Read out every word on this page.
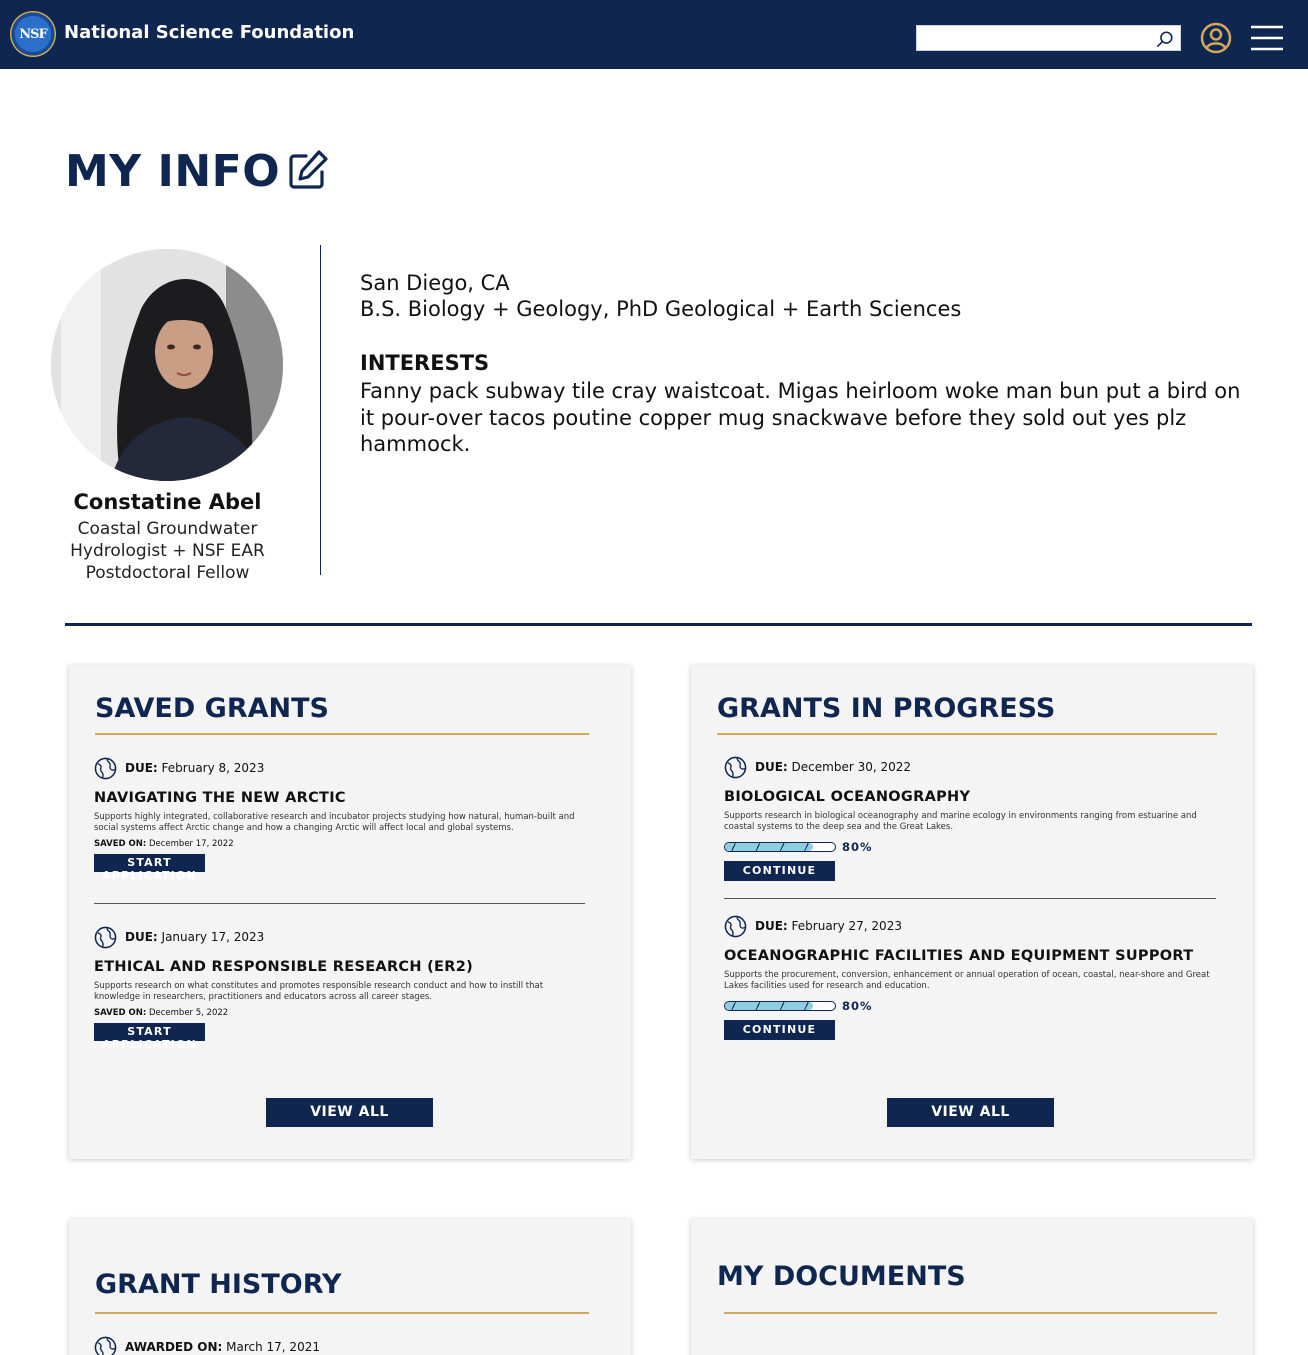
NSF National Science Foundation
MY INFO
Constatine Abel
Coastal Groundwater Hydrologist + NSF EAR Postdoctoral Fellow
San Diego, CA
B.S. Biology + Geology, PhD Geological + Earth Sciences
INTERESTS
Fanny pack subway tile cray waistcoat. Migas heirloom woke man bun put a bird on it pour-over tacos poutine copper mug snackwave before they sold out yes plz hammock.
SAVED GRANTS
DUE: February 8, 2023
NAVIGATING THE NEW ARCTIC
Supports highly integrated, collaborative research and incubator projects studying how natural, human-built and social systems affect Arctic change and how a changing Arctic will affect local and global systems.
SAVED ON: December 17, 2022
START
APPLICATION
DUE: January 17, 2023
ETHICAL AND RESPONSIBLE RESEARCH (ER2)
Supports research on what constitutes and promotes responsible research conduct and how to instill that knowledge in researchers, practitioners and educators across all career stages.
SAVED ON: December 5, 2022
START
APPLICATION
VIEW ALL
GRANTS IN PROGRESS
DUE: December 30, 2022
BIOLOGICAL OCEANOGRAPHY
Supports research in biological oceanography and marine ecology in environments ranging from estuarine and coastal systems to the deep sea and the Great Lakes.
80%
CONTINUE
DUE: February 27, 2023
OCEANOGRAPHIC FACILITIES AND EQUIPMENT SUPPORT
Supports the procurement, conversion, enhancement or annual operation of ocean, coastal, near-shore and Great Lakes facilities used for research and education.
80%
CONTINUE
VIEW ALL
GRANT HISTORY
AWARDED ON: March 17, 2021
MY DOCUMENTS
